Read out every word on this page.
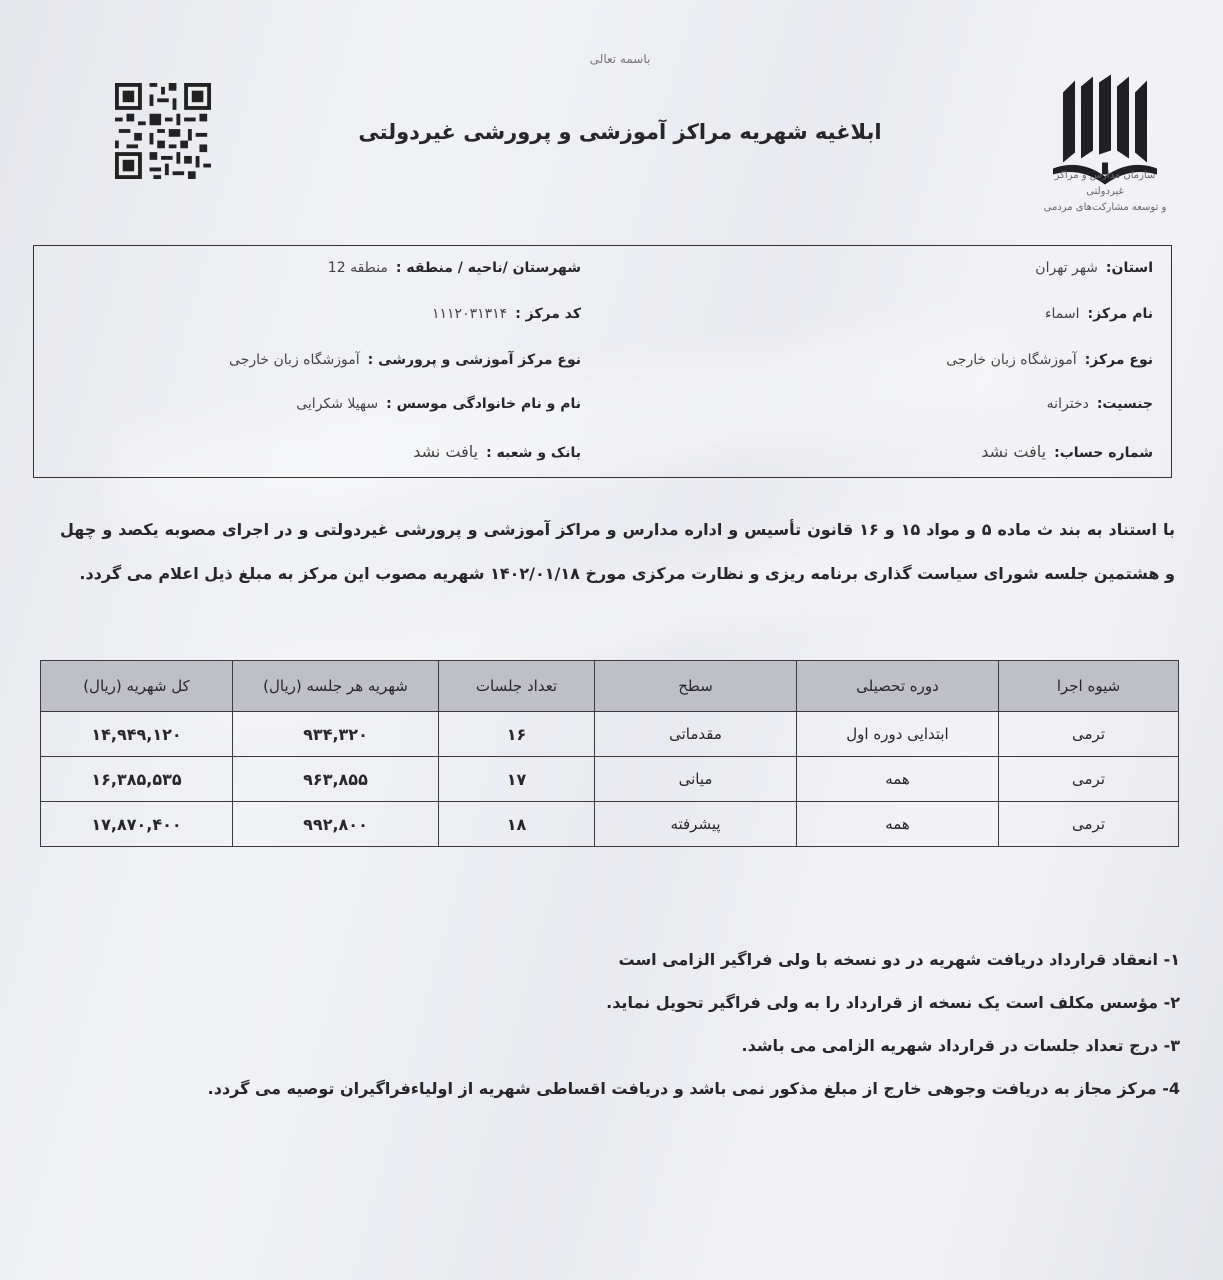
باسمه تعالی
ابلاغیه شهریه مراکز آموزشی و پرورشی غیردولتی
سازمان مدارس و مراکز غیردولتی
و توسعه مشارکت‌های مردمی
استان:شهر تهران
شهرستان /ناحیه / منطقه :منطقه 12
نام مرکز:اسماء
کد مرکز :۱۱۱۲۰۳۱۳۱۴
نوع مرکز:آموزشگاه زبان خارجی
نوع مرکز آموزشی و پرورشی :آموزشگاه زبان خارجی
جنسیت:دخترانه
نام و نام خانوادگی موسس :سهیلا شکرایی
شماره حساب:یافت نشد
بانک و شعبه :یافت نشد
با استناد به بند ث ماده ۵ و مواد ۱۵ و ۱۶ قانون تأسیس و اداره مدارس و مراکز آموزشی و پرورشی غیردولتی و در اجرای مصوبه یکصد و چهل و هشتمین جلسه شورای سیاست گذاری برنامه ریزی و نظارت مرکزی مورخ ۱۴۰۲/۰۱/۱۸ شهریه مصوب این مرکز به مبلغ ذیل اعلام می گردد.
شیوه اجرا	دوره تحصیلی	سطح	تعداد جلسات	شهریه هر جلسه (ریال)	کل شهریه (ریال)
ترمی	ابتدایی دوره اول	مقدماتی	۱۶	۹۳۴,۳۲۰	۱۴,۹۴۹,۱۲۰
ترمی	همه	میانی	۱۷	۹۶۳,۸۵۵	۱۶,۳۸۵,۵۳۵
ترمی	همه	پیشرفته	۱۸	۹۹۲,۸۰۰	۱۷,۸۷۰,۴۰۰
۱- انعقاد قرارداد دریافت شهریه در دو نسخه با ولی فراگیر الزامی است
۲- مؤسس مکلف است یک نسخه از قرارداد را به ولی فراگیر تحویل نماید.
۳- درج تعداد جلسات در قرارداد شهریه الزامی می باشد.
4- مرکز مجاز به دریافت وجوهی خارج از مبلغ مذکور نمی باشد و دریافت اقساطی شهریه از اولیاءفراگیران توصیه می گردد.
